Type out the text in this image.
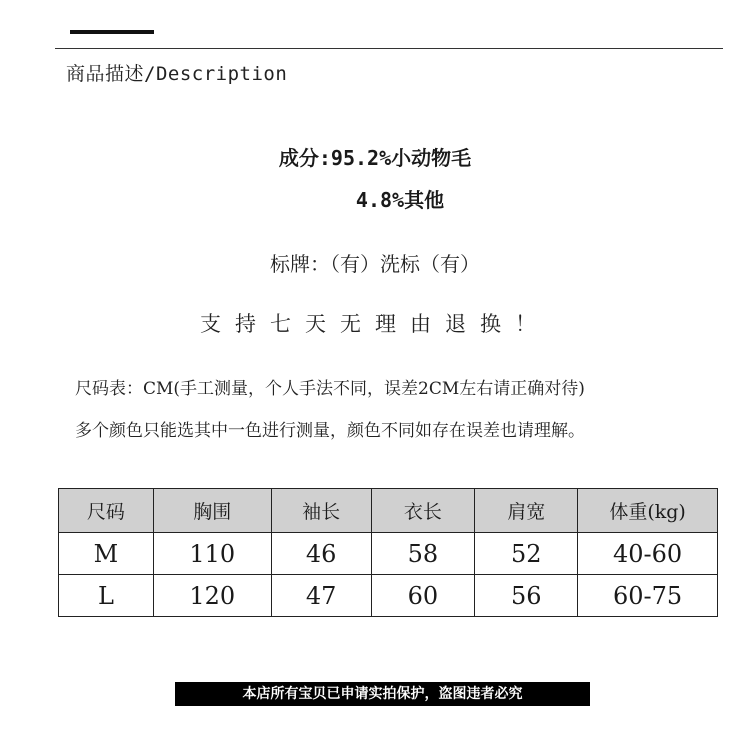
商品描述/Description
成分:95.2%小动物毛
4.8%其他
标牌：（有）洗标（有）
支持七天无理由退换！
尺码表：CM(手工测量，个人手法不同，误差2CM左右请正确对待)
多个颜色只能选其中一色进行测量，颜色不同如存在误差也请理解。
尺码	胸围	袖长	衣长	肩宽	体重(kg)
M	110	46	58	52	40-60
L	120	47	60	56	60-75
本店所有宝贝已申请实拍保护，盗图违者必究
